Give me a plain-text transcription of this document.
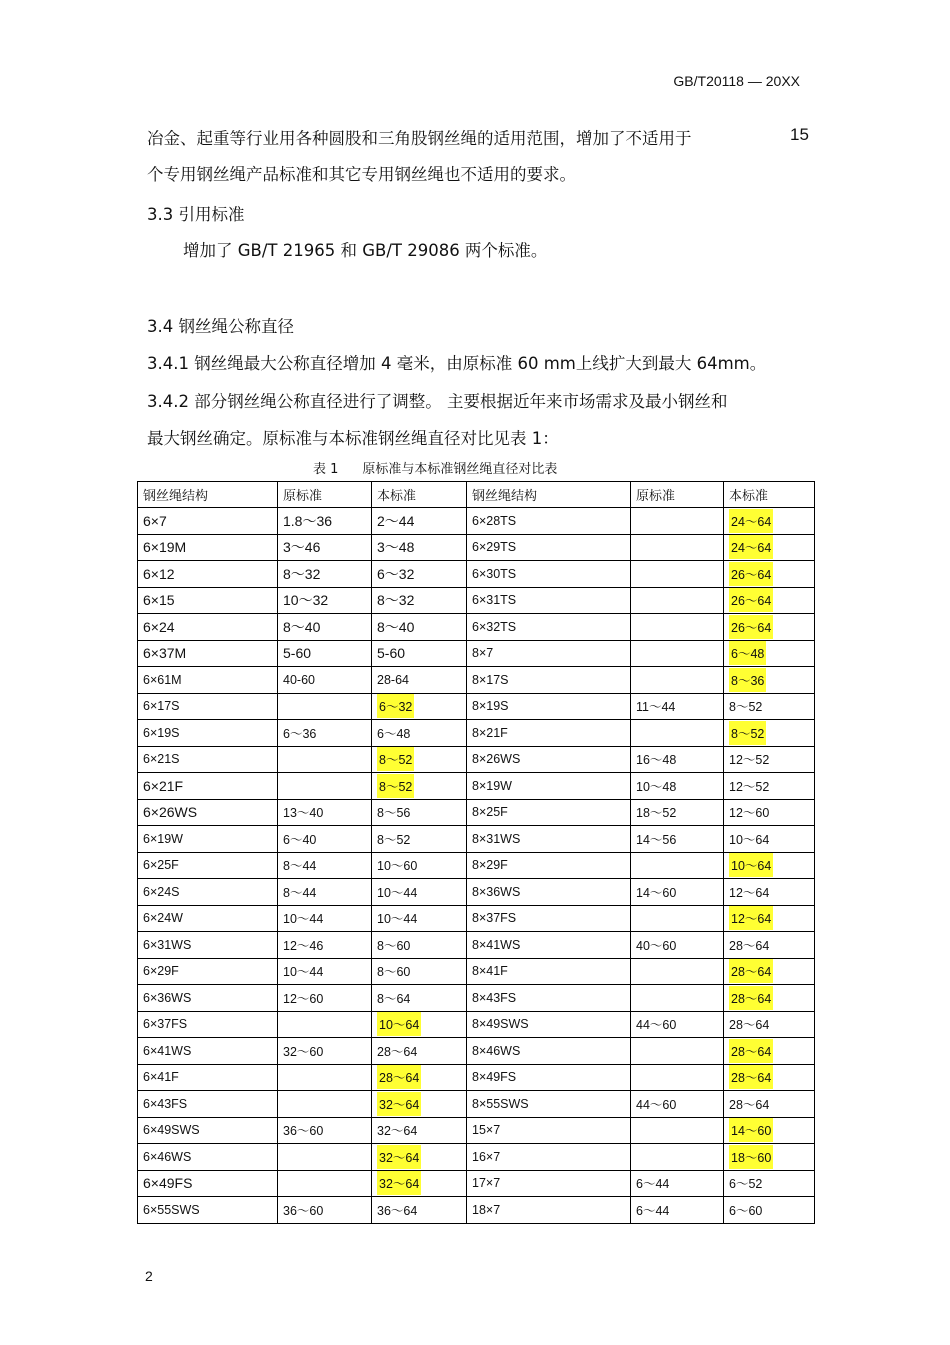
GB/T20118 — 20XX
冶金、起重等行业用各种圆股和三角股钢丝绳的适用范围，增加了不适用于	15
个专用钢丝绳产品标准和其它专用钢丝绳也不适用的要求。
3.3 引用标准
增加了 GB/T 21965 和 GB/T 29086 两个标准。
3.4 钢丝绳公称直径
3.4.1 钢丝绳最大公称直径增加 4 毫米，由原标准 60 mm上线扩大到最大 64mm。
3.4.2 部分钢丝绳公称直径进行了调整。 主要根据近年来市场需求及最小钢丝和
最大钢丝确定。原标准与本标准钢丝绳直径对比见表 1：
表 1 原标准与本标准钢丝绳直径对比表
钢丝绳结构	原标准	本标准	钢丝绳结构	原标准	本标准
6×7	1.8～36	2～44	6×28TS		24～64
6×19M	3～46	3～48	6×29TS		24～64
6×12	8～32	6～32	6×30TS		26～64
6×15	10～32	8～32	6×31TS		26～64
6×24	8～40	8～40	6×32TS		26～64
6×37M	5-60	5-60	8×7		6～48
6×61M	40-60	28-64	8×17S		8～36
6×17S		6～32	8×19S	11～44	8～52
6×19S	6～36	6～48	8×21F		8～52
6×21S		8～52	8×26WS	16～48	12～52
6×21F		8～52	8×19W	10～48	12～52
6×26WS	13～40	8～56	8×25F	18～52	12～60
6×19W	6～40	8～52	8×31WS	14～56	10～64
6×25F	8～44	10～60	8×29F		10～64
6×24S	8～44	10～44	8×36WS	14～60	12～64
6×24W	10～44	10～44	8×37FS		12～64
6×31WS	12～46	8～60	8×41WS	40～60	28～64
6×29F	10～44	8～60	8×41F		28～64
6×36WS	12～60	8～64	8×43FS		28～64
6×37FS		10～64	8×49SWS	44～60	28～64
6×41WS	32～60	28～64	8×46WS		28～64
6×41F		28～64	8×49FS		28～64
6×43FS		32～64	8×55SWS	44～60	28～64
6×49SWS	36～60	32～64	15×7		14～60
6×46WS		32～64	16×7		18～60
6×49FS		32～64	17×7	6～44	6～52
6×55SWS	36～60	36～64	18×7	6～44	6～60
2
